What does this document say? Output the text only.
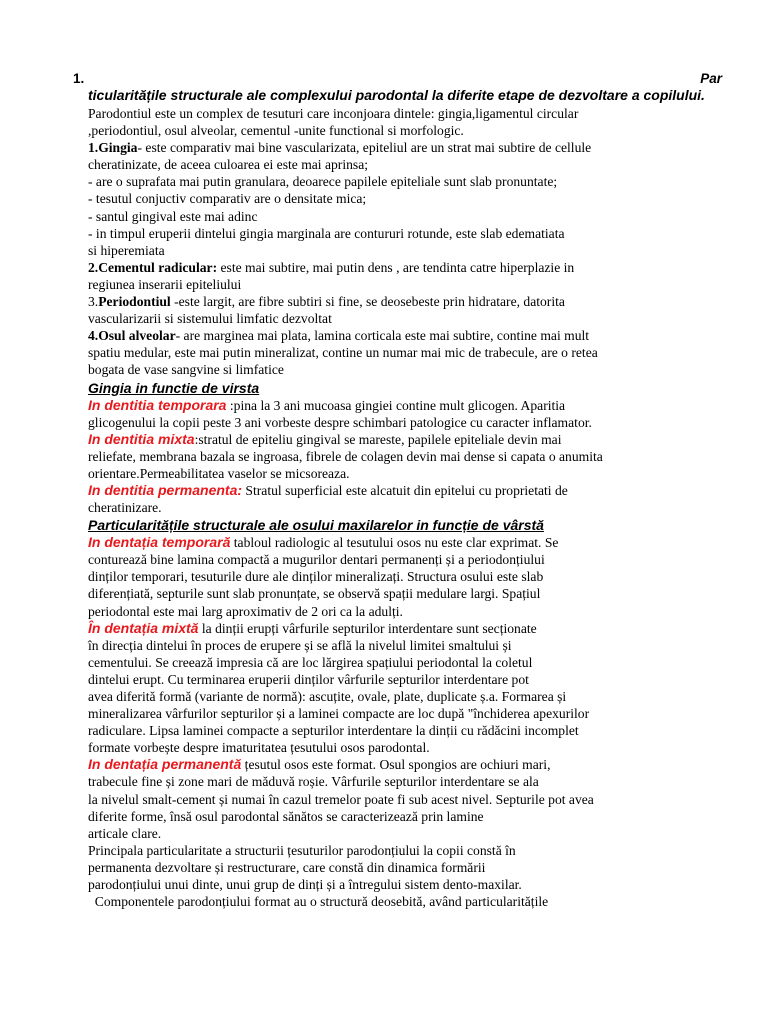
1.	Par

ticularitățile structurale ale complexului parodontal la diferite etape de dezvoltare a copilului.

Parodontiul este un complex de tesuturi care inconjoara dintele: gingia,ligamentul circular

,periodontiul, osul alveolar, cementul -unite functional si morfologic.

1.Gingia- este comparativ mai bine vascularizata, epiteliul are un strat mai subtire de cellule

cheratinizate, de aceea culoarea ei este mai aprinsa;

- are o suprafata mai putin granulara, deoarece papilele epiteliale sunt slab pronuntate;

- tesutul conjuctiv comparativ are o densitate mica;

- santul gingival este mai adinc

- in timpul eruperii dintelui gingia marginala are contururi rotunde, este slab edematiata

si hiperemiata

2.Cementul radicular: este mai subtire, mai putin dens , are tendinta catre hiperplazie in

regiunea inserarii epiteliului

3.Periodontiul -este largit, are fibre subtiri si fine, se deosebeste prin hidratare, datorita

vascularizarii si sistemului limfatic dezvoltat

4.Osul alveolar- are marginea mai plata, lamina corticala este mai subtire, contine mai mult

spatiu medular, este mai putin mineralizat, contine un numar mai mic de trabecule, are o retea

bogata de vase sangvine si limfatice

Gingia in functie de virsta

In dentitia temporara :pina la 3 ani mucoasa gingiei contine mult glicogen. Aparitia

glicogenului la copii peste 3 ani vorbeste despre schimbari patologice cu caracter inflamator.

In dentitia mixta:stratul de epiteliu gingival se mareste, papilele epiteliale devin mai

reliefate, membrana bazala se ingroasa, fibrele de colagen devin mai dense si capata o anumita

orientare.Permeabilitatea vaselor se micsoreaza.

In dentitia permanenta: Stratul superficial este alcatuit din epitelui cu proprietati de

cheratinizare.

Particularitățile structurale ale osului maxilarelor in funcție de vârstă

In dentația temporară tabloul radiologic al tesutului osos nu este clar exprimat. Se

conturează bine lamina compactă a mugurilor dentari permanenți și a periodonțiului

dinților temporari, tesuturile dure ale dinților mineralizați. Structura osului este slab

diferențiată, septurile sunt slab pronunțate, se observă spații medulare largi. Spațiul

periodontal este mai larg aproximativ de 2 ori ca la adulți.

În dentația mixtă la dinții erupți vârfurile septurilor interdentare sunt secționate

în direcția dintelui în proces de erupere și se află la nivelul limitei smaltului și

cementului. Se creează impresia că are loc lărgirea spațiului periodontal la coletul

dintelui erupt. Cu terminarea eruperii dinților vârfurile septurilor interdentare pot

avea diferită formă (variante de normă): ascuțite, ovale, plate, duplicate ș.a. Formarea și

mineralizarea vârfurilor septurilor și a laminei compacte are loc după "închiderea apexurilor

radiculare. Lipsa laminei compacte a septurilor interdentare la dinții cu rădăcini incomplet

formate vorbește despre imaturitatea țesutului osos parodontal.

In dentația permanentă țesutul osos este format. Osul spongios are ochiuri mari,

trabecule fine și zone mari de măduvă roșie. Vârfurile septurilor interdentare se ala

la nivelul smalt-cement și numai în cazul tremelor poate fi sub acest nivel. Septurile pot avea

diferite forme, însă osul parodontal sănătos se caracterizează prin lamine

articale clare.

Principala particularitate a structurii țesuturilor parodonțiului la copii constă în

permanenta dezvoltare și restructurare, care constă din dinamica formării

parodonțiului unui dinte, unui grup de dinți și a întregului sistem dento-maxilar.

Componentele parodonțiului format au o structură deosebită, având particularitățile
